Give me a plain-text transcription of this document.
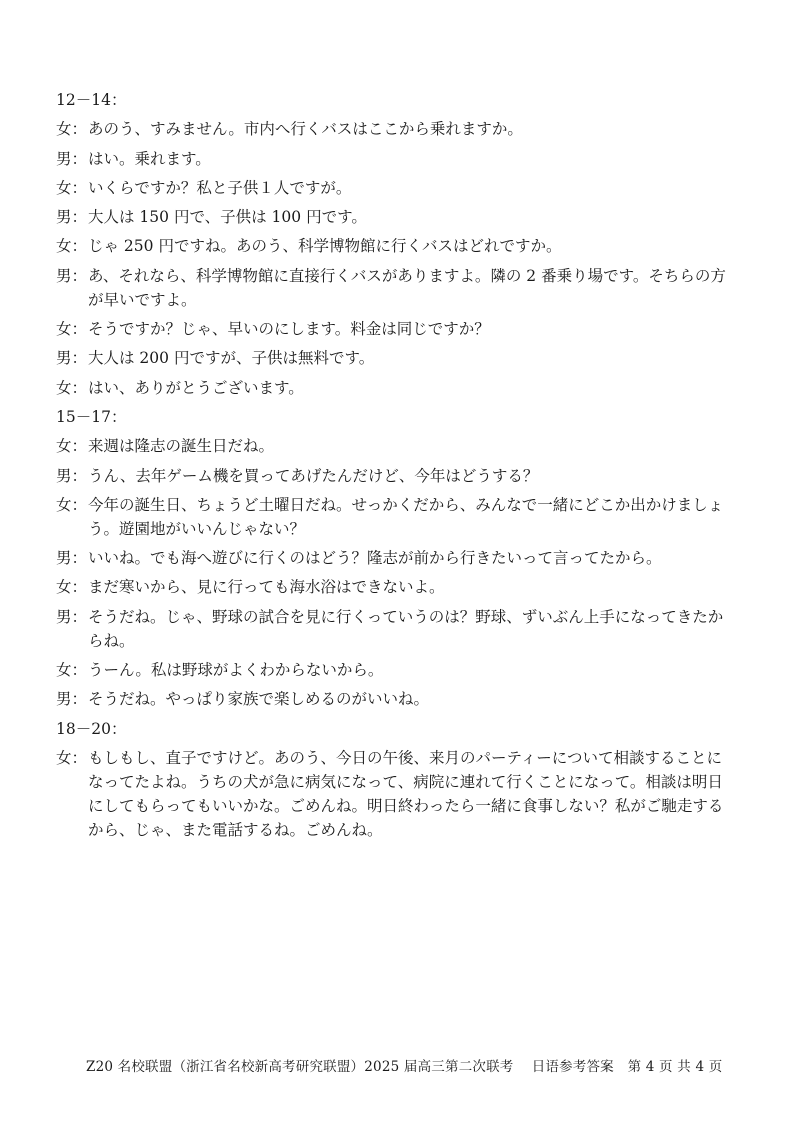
12－14：
女： あのう、すみません。市内へ行くバスはここから乗れますか。
男： はい。乗れます。
女： いくらですか？私と子供１人ですが。
男： 大人は 150 円で、子供は 100 円です。
女： じゃ 250 円ですね。あのう、科学博物館に行くバスはどれですか。
男： あ、それなら、科学博物館に直接行くバスがありますよ。隣の 2 番乗り場です。そちらの方
が早いですよ。
女： そうですか？じゃ、早いのにします。料金は同じですか？
男： 大人は 200 円ですが、子供は無料です。
女： はい、ありがとうございます。
15－17：
女： 来週は隆志の誕生日だね。
男： うん、去年ゲーム機を買ってあげたんだけど、今年はどうする？
女： 今年の誕生日、ちょうど土曜日だね。せっかくだから、みんなで一緒にどこか出かけましょ
う。遊園地がいいんじゃない？
男： いいね。でも海へ遊びに行くのはどう？隆志が前から行きたいって言ってたから。
女： まだ寒いから、見に行っても海水浴はできないよ。
男： そうだね。じゃ、野球の試合を見に行くっていうのは？野球、ずいぶん上手になってきたか
らね。
女： うーん。私は野球がよくわからないから。
男： そうだね。やっぱり家族で楽しめるのがいいね。
18－20：
女： もしもし、直子ですけど。あのう、今日の午後、来月のパーティーについて相談することに
なってたよね。うちの犬が急に病気になって、病院に連れて行くことになって。相談は明日
にしてもらってもいいかな。ごめんね。明日終わったら一緒に食事しない？私がご馳走する
から、じゃ、また電話するね。ごめんね。
Z20 名校联盟（浙江省名校新高考研究联盟）2025 届高三第二次联考　 日语参考答案　第 4 页 共 4 页
